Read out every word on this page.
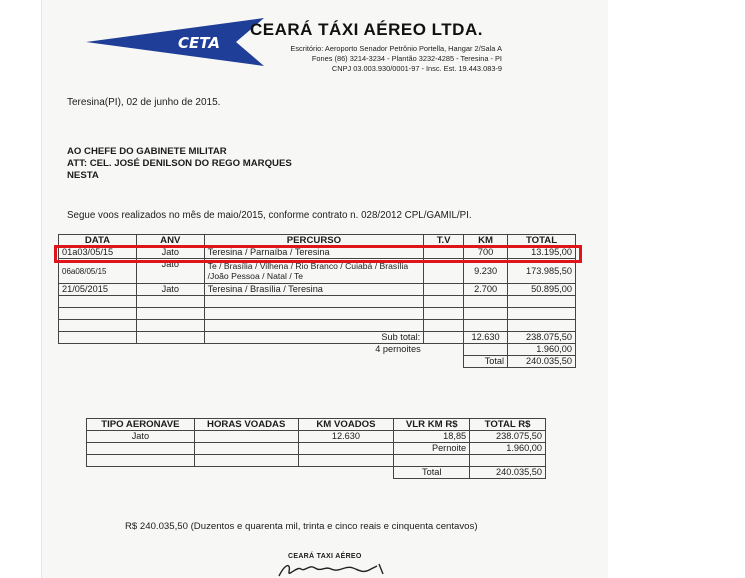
CETA
CEARÁ TÁXI AÉREO LTDA.
Escritório: Aeroporto Senador Petrônio Portella, Hangar 2/Sala A
Fones (86) 3214-3234 - Plantão 3232-4285 - Teresina - PI
CNPJ 03.003.930/0001-97 - Insc. Est. 19.443.083-9
Teresina(PI), 02 de junho de 2015.
AO CHEFE DO GABINETE MILITAR
ATT: CEL. JOSÉ DENILSON DO REGO MARQUES
NESTA
Segue voos realizados no mês de maio/2015, conforme contrato n. 028/2012 CPL/GAMIL/PI.
DATA	ANV	PERCURSO	T.V	KM	TOTAL
01a03/05/15	Jato	Teresina / Parnaíba / Teresina		700	13.195,00
06a08/05/15	Jato	Te / Brasília / Vilhena / Rio Branco / Cuiabá / Brasília /João Pessoa / Natal / Te		9.230	173.985,50
21/05/2015	Jato	Teresina / Brasília / Teresina		2.700	50.895,00

		Sub total:		12.630	238.075,50
		4 pernoites			1.960,00
				Total	240.035,50
TIPO AERONAVE	HORAS VOADAS	KM VOADOS	VLR KM R$	TOTAL R$
Jato		12.630	18,85	238.075,50
			Pernoite	1.960,00

			Total	240.035,50
R$ 240.035,50 (Duzentos e quarenta mil, trinta e cinco reais e cinquenta centavos)
CEARÁ TAXI AÉREO
